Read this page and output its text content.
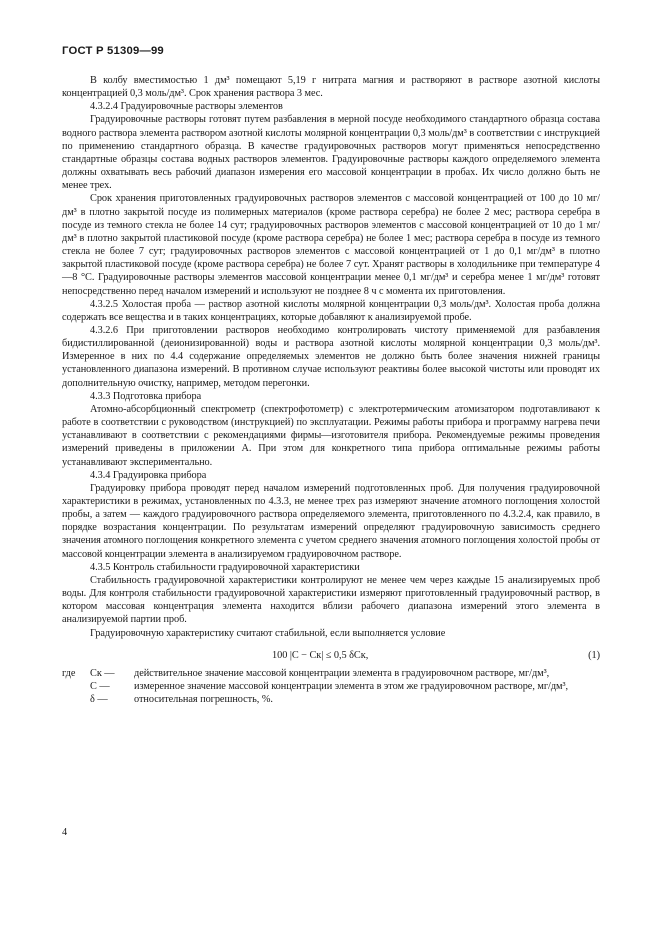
ГОСТ Р 51309—99

В колбу вместимостью 1 дм³ помещают 5,19 г нитрата магния и растворяют в растворе азотной кислоты концентрацией 0,3 моль/дм³. Срок хранения раствора 3 мес.

4.3.2.4 Градуировочные растворы элементов

Градуировочные растворы готовят путем разбавления в мерной посуде необходимого стандартного образца состава водного раствора элемента раствором азотной кислоты молярной концентрации 0,3 моль/дм³ в соответствии с инструкцией по применению стандартного образца. В качестве градуировочных растворов могут применяться непосредственно стандартные образцы состава водных растворов элементов. Градуировочные растворы каждого определяемого элемента должны охватывать весь рабочий диапазон измерения его массовой концентрации в пробах. Их число должно быть не менее трех.

Срок хранения приготовленных градуировочных растворов элементов с массовой концентрацией от 100 до 10 мг/дм³ в плотно закрытой посуде из полимерных материалов (кроме раствора серебра) не более 2 мес; раствора серебра в посуде из темного стекла не более 14 сут; градуировочных растворов элементов с массовой концентрацией от 10 до 1 мг/дм³ в плотно закрытой пластиковой посуде (кроме раствора серебра) не более 1 мес; раствора серебра в посуде из темного стекла не более 7 сут; градуировочных растворов элементов с массовой концентрацией от 1 до 0,1 мг/дм³ в плотно закрытой пластиковой посуде (кроме раствора серебра) не более 7 сут. Хранят растворы в холодильнике при температуре 4—8 °С. Градуировочные растворы элементов массовой концентрации менее 0,1 мг/дм³ и серебра менее 1 мг/дм³ готовят непосредственно перед началом измерений и используют не позднее 8 ч с момента их приготовления.

4.3.2.5 Холостая проба — раствор азотной кислоты молярной концентрации 0,3 моль/дм³. Холостая проба должна содержать все вещества и в таких концентрациях, которые добавляют к анализируемой пробе.

4.3.2.6 При приготовлении растворов необходимо контролировать чистоту применяемой для разбавления бидистиллированной (деионизированной) воды и раствора азотной кислоты молярной концентрации 0,3 моль/дм³. Измеренное в них по 4.4 содержание определяемых элементов не должно быть более значения нижней границы установленного диапазона измерений. В противном случае используют реактивы более высокой чистоты или проводят их дополнительную очистку, например, методом перегонки.

4.3.3 Подготовка прибора

Атомно-абсорбционный спектрометр (спектрофотометр) с электротермическим атомизатором подготавливают к работе в соответствии с руководством (инструкцией) по эксплуатации. Режимы работы прибора и программу нагрева печи устанавливают в соответствии с рекомендациями фирмы—изготовителя прибора. Рекомендуемые режимы проведения измерений приведены в приложении А. При этом для конкретного типа прибора оптимальные режимы работы устанавливают экспериментально.

4.3.4 Градуировка прибора

Градуировку прибора проводят перед началом измерений подготовленных проб. Для получения градуировочной характеристики в режимах, установленных по 4.3.3, не менее трех раз измеряют значение атомного поглощения холостой пробы, а затем — каждого градуировочного раствора определяемого элемента, приготовленного по 4.3.2.4, как правило, в порядке возрастания концентрации. По результатам измерений определяют градуировочную зависимость среднего значения атомного поглощения конкретного элемента с учетом среднего значения атомного поглощения холостой пробы от массовой концентрации элемента в анализируемом градуировочном растворе.

4.3.5 Контроль стабильности градуировочной характеристики

Стабильность градуировочной характеристики контролируют не менее чем через каждые 15 анализируемых проб воды. Для контроля стабильности градуировочной характеристики измеряют приготовленный градуировочный раствор, в котором массовая концентрация элемента находится вблизи рабочего диапазона измерений этого элемента в анализируемой партии проб.

Градуировочную характеристику считают стабильной, если выполняется условие

100 |C − Cк| ≤ 0,5 δCк,	(1)
где	Cк —	действительное значение массовой концентрации элемента в градуировочном растворе, мг/дм³,
C —	измеренное значение массовой концентрации элемента в этом же градуировочном растворе, мг/дм³,
δ —	относительная погрешность, %.
4
